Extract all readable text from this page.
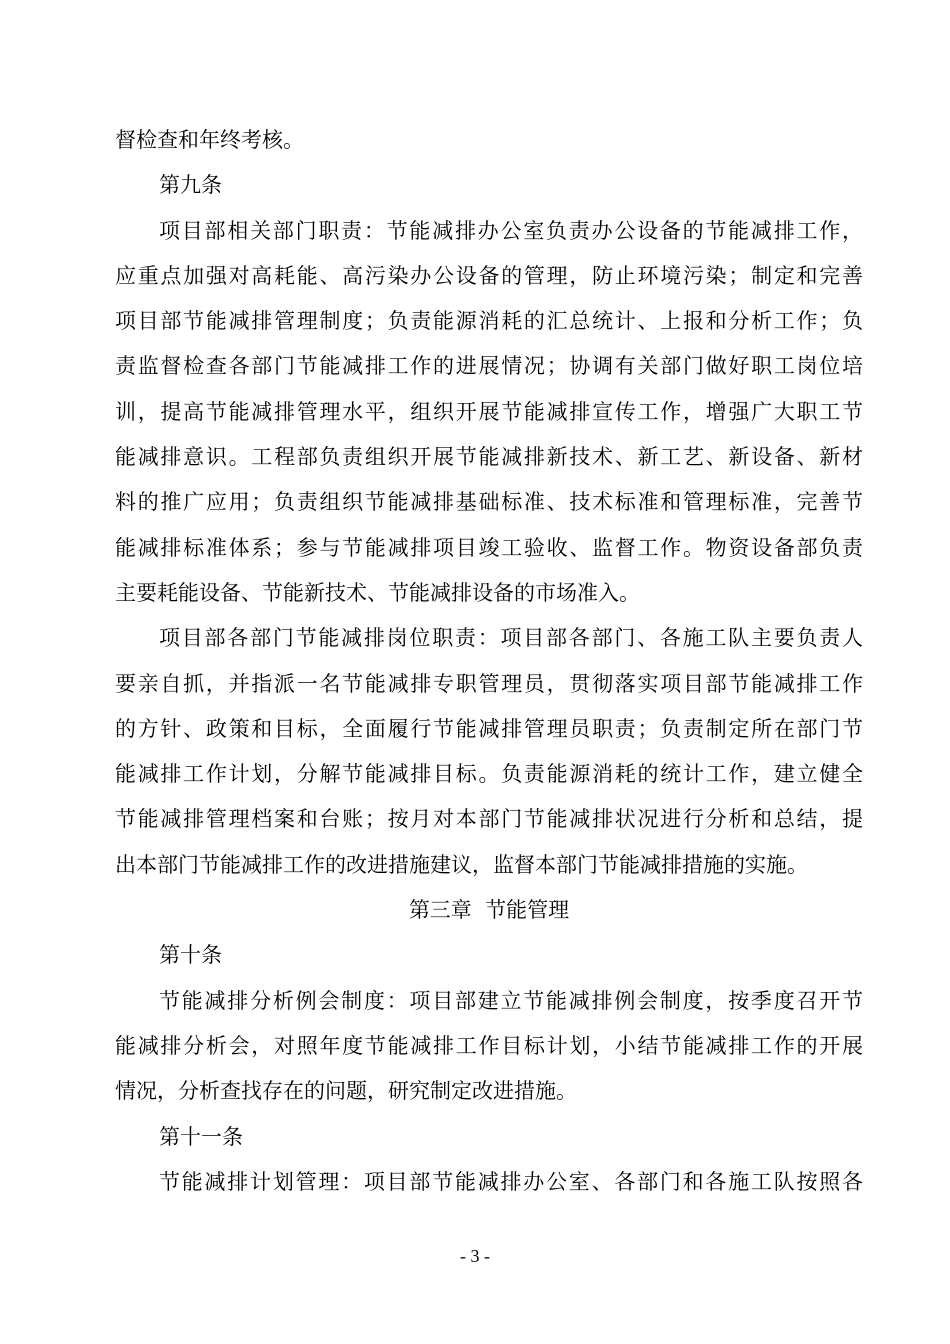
督检查和年终考核。
第九条
项目部相关部门职责：节能减排办公室负责办公设备的节能减排工作，
应重点加强对高耗能、高污染办公设备的管理，防止环境污染；制定和完善
项目部节能减排管理制度；负责能源消耗的汇总统计、上报和分析工作；负
责监督检查各部门节能减排工作的进展情况；协调有关部门做好职工岗位培
训，提高节能减排管理水平，组织开展节能减排宣传工作，增强广大职工节
能减排意识。工程部负责组织开展节能减排新技术、新工艺、新设备、新材
料的推广应用；负责组织节能减排基础标准、技术标准和管理标准，完善节
能减排标准体系；参与节能减排项目竣工验收、监督工作。物资设备部负责
主要耗能设备、节能新技术、节能减排设备的市场准入。
项目部各部门节能减排岗位职责：项目部各部门、各施工队主要负责人
要亲自抓，并指派一名节能减排专职管理员，贯彻落实项目部节能减排工作
的方针、政策和目标，全面履行节能减排管理员职责；负责制定所在部门节
能减排工作计划，分解节能减排目标。负责能源消耗的统计工作，建立健全
节能减排管理档案和台账；按月对本部门节能减排状况进行分析和总结，提
出本部门节能减排工作的改进措施建议，监督本部门节能减排措施的实施。
第三章  节能管理
第十条
节能减排分析例会制度：项目部建立节能减排例会制度，按季度召开节
能减排分析会，对照年度节能减排工作目标计划，小结节能减排工作的开展
情况，分析查找存在的问题，研究制定改进措施。
第十一条
节能减排计划管理：项目部节能减排办公室、各部门和各施工队按照各
- 3 -
